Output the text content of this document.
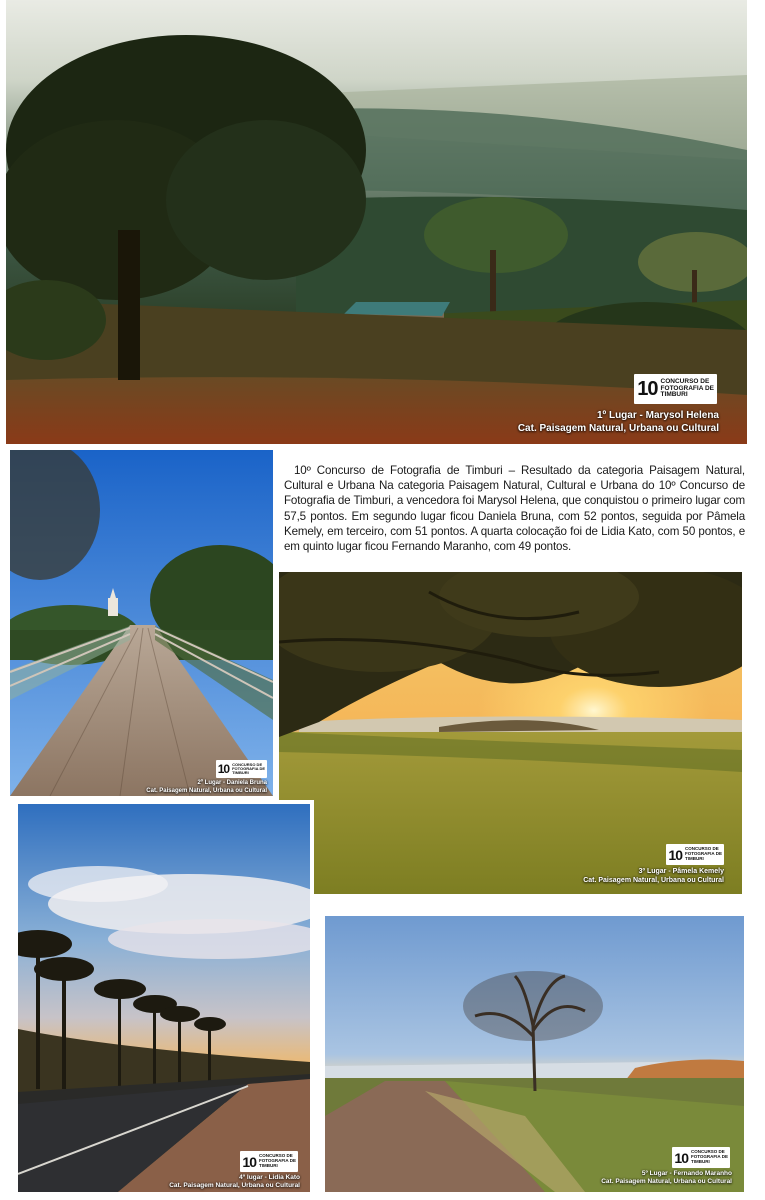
10 CONCURSO DE
FOTOGRAFIA DE
TIMBURI
1º Lugar - Marysol Helena
Cat. Paisagem Natural, Urbana ou Cultural
10 CONCURSO DE
FOTOGRAFIA DE
TIMBURI
2º Lugar - Daniela Bruna
Cat. Paisagem Natural, Urbana ou Cultural

10º Concurso de Fotografia de Timburi – Resultado da categoria Paisagem Natural, Cultural e Urbana Na categoria Paisagem Natural, Cultural e Urbana do 10º Concurso de Fotografia de Timburi, a vencedora foi Marysol Helena, que conquistou o primeiro lugar com 57,5 pontos. Em segundo lugar ficou Daniela Bruna, com 52 pontos, seguida por Pâmela Kemely, em terceiro, com 51 pontos. A quarta colocação foi de Lidia Kato, com 50 pontos, e em quinto lugar ficou Fernando Maranho, com 49 pontos.

10 CONCURSO DE
FOTOGRAFIA DE
TIMBURI
3º Lugar - Pâmela Kemely
Cat. Paisagem Natural, Urbana ou Cultural
10 CONCURSO DE
FOTOGRAFIA DE
TIMBURI
4º lugar - Lidia Kato
Cat. Paisagem Natural, Urbana ou Cultural
10 CONCURSO DE
FOTOGRAFIA DE
TIMBURI
5º Lugar - Fernando Maranho
Cat. Paisagem Natural, Urbana ou Cultural
